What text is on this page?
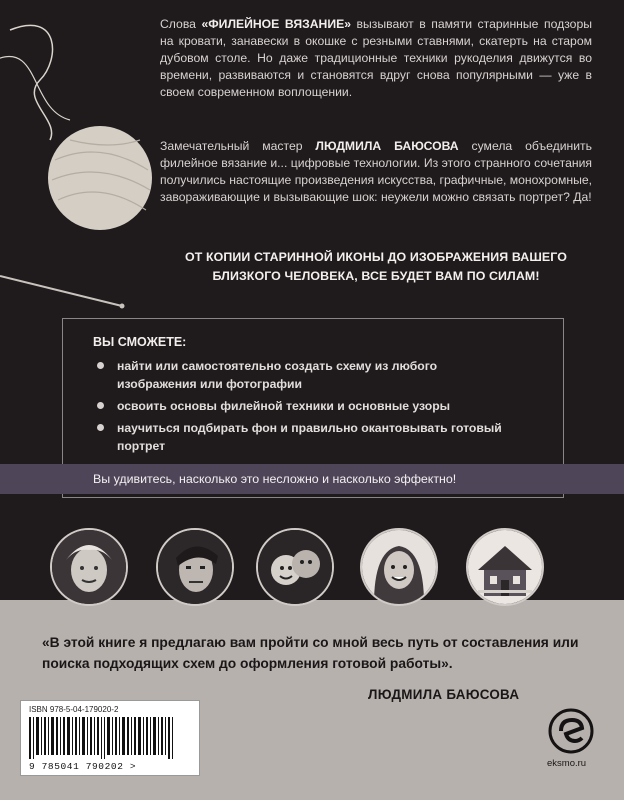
Слова «ФИЛЕЙНОЕ ВЯЗАНИЕ» вызывают в памяти старинные подзоры на кровати, занавески в окошке с резными ставнями, скатерть на старом дубовом столе. Но даже традиционные техники рукоделия движутся во времени, развиваются и становятся вдруг снова популярными — уже в своем современном воплощении.

Замечательный мастер ЛЮДМИЛА БАЮСОВА сумела объединить филейное вязание и... цифровые технологии. Из этого странного сочетания получились настоящие произведения искусства, графичные, монохромные, завораживающие и вызывающие шок: неужели можно связать портрет? Да!

ОТ КОПИИ СТАРИННОЙ ИКОНЫ ДО ИЗОБРАЖЕНИЯ ВАШЕГО БЛИЗКОГО ЧЕЛОВЕКА, ВСЕ БУДЕТ ВАМ ПО СИЛАМ!

ВЫ СМОЖЕТЕ:

найти или самостоятельно создать схему из любого изображения или фотографии
освоить основы филейной техники и основные узоры
научиться подбирать фон и правильно окантовывать готовый портрет

Вы удивитесь, насколько это несложно и насколько эффектно!

«В этой книге я предлагаю вам пройти со мной весь путь от составления или поиска подходящих схем до оформления готовой работы».

ЛЮДМИЛА БАЮСОВА

ISBN 978-5-04-179020-2

9 785041 790202 >	eksmo.ru
